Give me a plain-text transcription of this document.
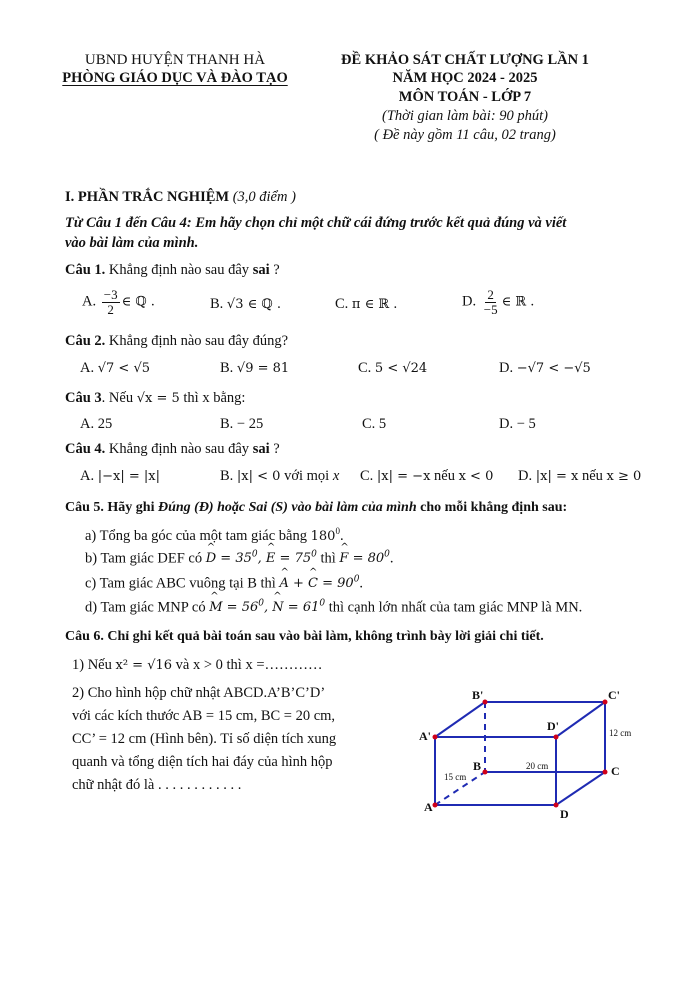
UBND HUYỆN THANH HÀ
PHÒNG GIÁO DỤC VÀ ĐÀO TẠO
ĐỀ KHẢO SÁT CHẤT LƯỢNG LẦN 1
NĂM HỌC 2024 - 2025
MÔN TOÁN - LỚP 7
(Thời gian làm bài: 90 phút)
( Đề này gồm 11 câu, 02 trang)
I. PHẦN TRẮC NGHIỆM (3,0 điểm )
Từ Câu 1 đến Câu 4: Em hãy chọn chỉ một chữ cái đứng trước kết quả đúng và viết
vào bài làm của mình.
Câu 1. Khẳng định nào sau đây sai ?
A. $\frac{-3}{2}$ ∈ ℚ .	B. √3 ∈ ℚ .	C. π ∈ ℝ .	D. $\frac{2}{-5}$ ∈ ℝ .
Câu 2. Khẳng định nào sau đây đúng?
A. √7 < √5	B. √9 = 81	C. 5 < √24	D. −√7 < −√5
Câu 3. Nếu √x = 5 thì x bằng:
A. 25	B. − 25	C. 5	D. − 5
Câu 4. Khẳng định nào sau đây sai ?
A. |−x| = |x|	B. |x| < 0 với mọi x C. |x| = −x nếu x < 0 D. |x| = x nếu x ≥ 0
Câu 5. Hãy ghi Đúng (Đ) hoặc Sai (S) vào bài làm của mình cho mỗi khẳng định sau:
a) Tổng ba góc của một tam giác bằng $180^0$.
b) Tam giác DEF có ^ $D = 35^0$, ^ $E = 75^0$ thì ^ $F = 80^0$.
c) Tam giác ABC vuông tại B thì ^ A + ^ $C = 90^0$.
d) Tam giác MNP có ^ $M = 56^0$, ^ $N = 61^0$ thì cạnh lớn nhất của tam giác MNP là MN.
Câu 6. Chỉ ghi kết quả bài toán sau vào bài làm, không trình bày lời giải chi tiết.
1) Nếu x² = √16 và x > 0 thì x =…………
2) Cho hình hộp chữ nhật ABCD.A’B’C’D’
với các kích thước AB = 15 cm, BC = 20 cm,
CC’ = 12 cm (Hình bên). Tỉ số diện tích xung
quanh và tổng diện tích hai đáy của hình hộp
chữ nhật đó là . . . . . . . . . . . .
B'	C'
A'
D'
B	C
A	D
12 cm
20 cm
15 cm
